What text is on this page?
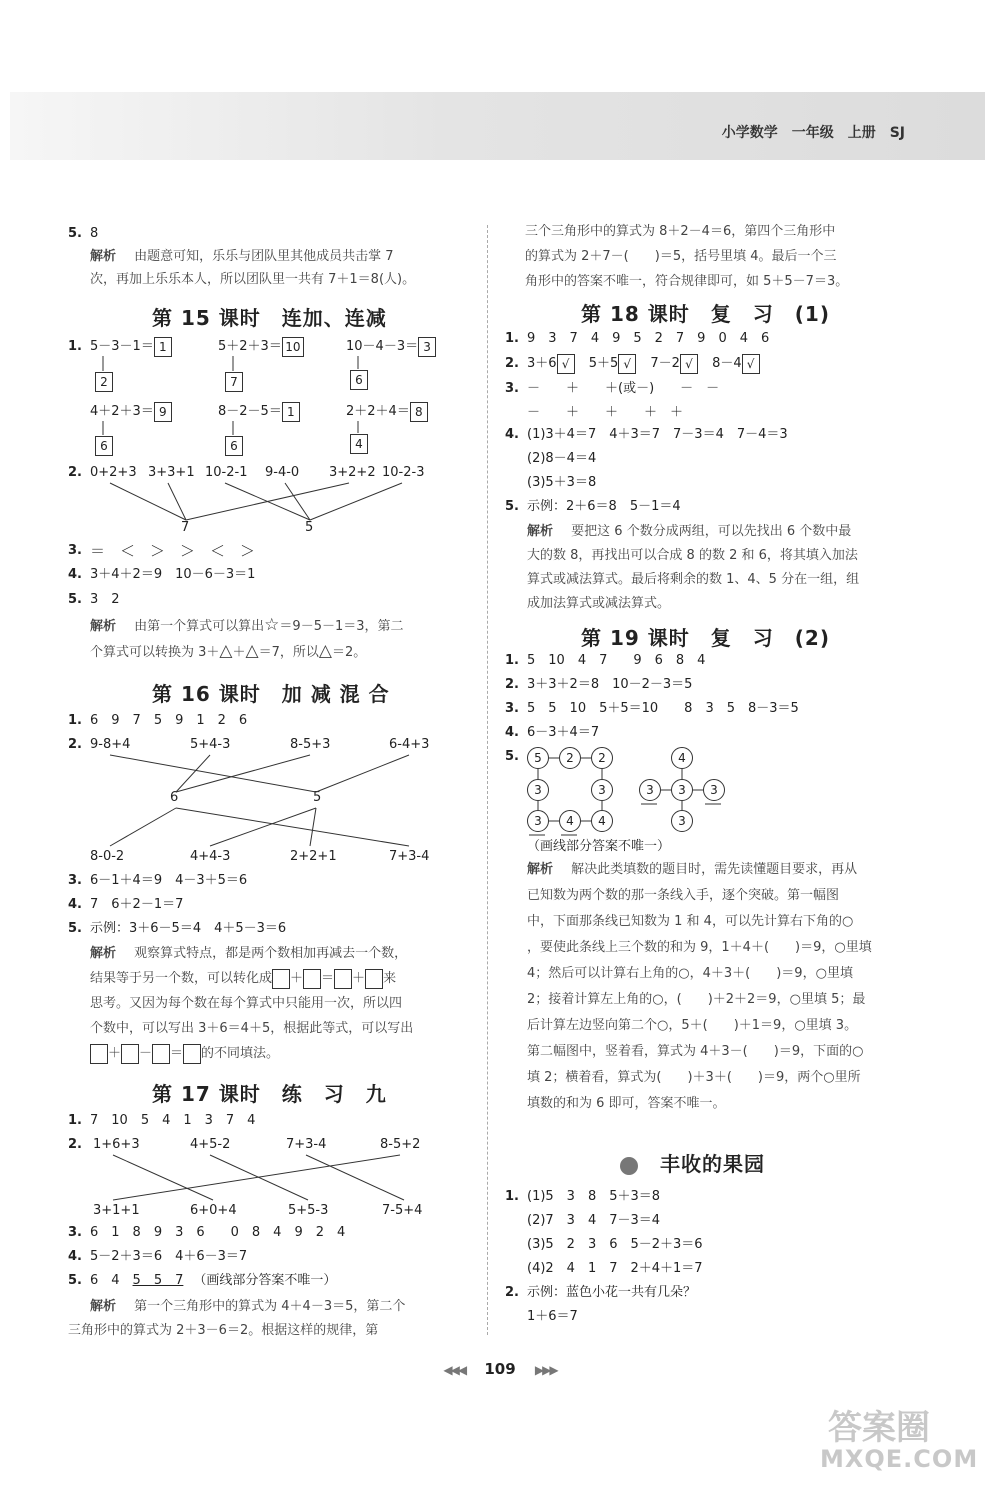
小学数学　一年级　上册　SJ
5. 8
解析 由题意可知，乐乐与团队里其他成员共击掌 7
次，再加上乐乐本人，所以团队里一共有 7＋1＝8(人)。
第 15 课时　连加、连减
1. 5－3－1＝ 1	5＋2＋3＝ 10	10－4－3＝ 3
2	7	6
4＋2＋3＝ 9	8－2－5＝ 1	2＋2＋4＝ 8
6	6	4
2. 0+2+3 3+3+1 10-2-1 9-4-0 3+2+2 10-2-3
7	5
3. ＝　＜　＞　＞　＜　＞
4. 3＋4＋2＝9　10－6－3＝1
5. 3　2
解析 由第一个算式可以算出☆＝9－5－1＝3，第二
个算式可以转换为 3＋△＋△＝7，所以△＝2。
第 16 课时　加 减 混 合
1. 6　9　7　5　9　1　2　6
2. 9-8+4	5+4-3	8-5+3	6-4+3
6	5
8-0-2	4+4-3	2+2+1	7+3-4
3. 6－1＋4＝9　4－3＋5＝6
4. 7　6＋2－1＝7
5. 示例：3＋6－5＝4　4＋5－3＝6
解析 观察算式特点，都是两个数相加再减去一个数，
结果等于另一个数，可以转化成 ＋ ＝ ＋ 来
思考。又因为每个数在每个算式中只能用一次，所以四
个数中，可以写出 3＋6＝4＋5，根据此等式，可以写出
＋ － ＝ 的不同填法。
第 17 课时　练　习　九
1. 7　10　5　4　1　3　7　4
2. 1+6+3	4+5-2	7+3-4	8-5+2
3+1+1	6+0+4	5+5-3	7-5+4
3. 6　1　8　9　3　6　　0　8　4　9　2　4
4. 5－2＋3＝6　4＋6－3＝7
5. 6　4　5　5　7 （画线部分答案不唯一）
解析 第一个三角形中的算式为 4＋4－3＝5，第二个
三角形中的算式为 2＋3－6＝2。根据这样的规律，第
三个三角形中的算式为 8＋2－4＝6，第四个三角形中
的算式为 2＋7－(　　)＝5，括号里填 4。最后一个三
角形中的答案不唯一，符合规律即可，如 5＋5－7＝3。
第 18 课时　复　习　(1)
1. 9　3　7　4　9　5　2　7　9　0　4　6
2. 3＋6 √ 5＋5 √ 7－2 √ 8－4 √
3. －　　＋　　＋(或－)　　－　－
－　　＋　　＋　　＋　＋
4. (1)3＋4＝7　4＋3＝7　7－3＝4　7－4＝3
(2)8－4＝4
(3)5＋3＝8
5. 示例：2＋6＝8　5－1＝4
解析 要把这 6 个数分成两组，可以先找出 6 个数中最
大的数 8，再找出可以合成 8 的数 2 和 6，将其填入加法
算式或减法算式。最后将剩余的数 1、4、5 分在一组，组
成加法算式或减法算式。
第 19 课时　复　习　(2)
1. 5　10　4　7　　9　6　8　4
2. 3＋3＋2＝8　10－2－3＝5
3. 5　5　10　5＋5＝10　　8　3　5　8－3＝5
4. 6－3＋4＝7
5.	5	2	2
3	3
3	4	4
4
3	3	3
3
（画线部分答案不唯一）
解析 解决此类填数的题目时，需先读懂题目要求，再从
已知数为两个数的那一条线入手，逐个突破。第一幅图
中，下面那条线已知数为 1 和 4，可以先计算右下角的○
，要使此条线上三个数的和为 9，1＋4＋(　　)＝9，○里填
4；然后可以计算右上角的○，4＋3＋(　　)＝9，○里填
2；接着计算左上角的○，(　　)＋2＋2＝9，○里填 5；最
后计算左边竖向第二个○，5＋(　　)＋1＝9，○里填 3。
第二幅图中，竖着看，算式为 4＋3－(　　)＝9，下面的○
填 2；横着看，算式为(　　)＋3＋(　　)＝9，两个○里所
填数的和为 6 即可，答案不唯一。
丰收的果园
1. (1)5　3　8　5＋3＝8
(2)7　3　4　7－3＝4
(3)5　2　3　6　5－2＋3＝6
(4)2　4　1　7　2＋4＋1＝7
2. 示例：蓝色小花一共有几朵？
1＋6＝7
◀◀◀ 109 ▶▶▶
答案圈
MXQE.COM
